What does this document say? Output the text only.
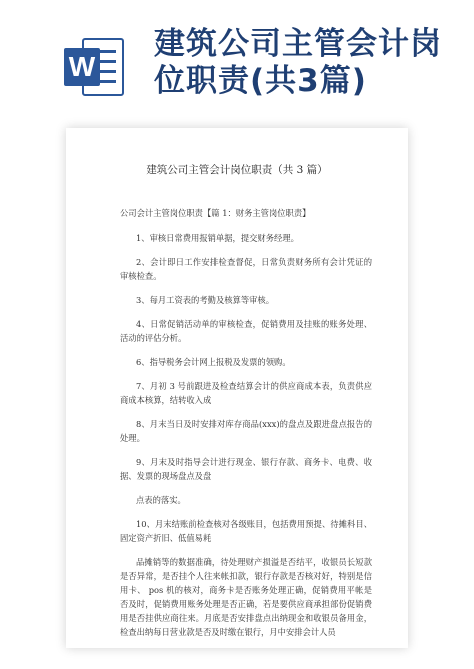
W
建筑公司主管会计岗位职责(共3篇)
建筑公司主管会计岗位职责（共 3 篇）

公司会计主管岗位职责【篇 1：财务主管岗位职责】

1、审核日常费用报销单据，提交财务经理。

2、会计即日工作安排检查督促，日常负责财务所有会计凭证的审核检查。

3、每月工资表的考勤及核算等审核。

4、日常促销活动单的审核检查，促销费用及挂账的账务处理、活动的评估分析。

6、指导税务会计网上报税及发票的领购。

7、月初 3 号前跟进及检查结算会计的供应商成本表，负责供应商成本核算，结转收入成

8、月末当日及时安排对库存商品(xxx)的盘点及跟进盘点报告的处理。

9、月末及时指导会计进行现金、银行存款、商务卡、电费、收据、发票的现场盘点及盘

点表的落实。

10、月末结账前检查核对各级账目，包括费用预提、待摊科目、固定资产折旧、低值易耗

品摊销等的数据准确，待处理财产损溢是否结平，收银员长短款是否异常，是否挂个人往来帐扣款，银行存款是否核对好，特别是信用卡、 pos 机的核对，商务卡是否账务处理正确，促销费用平帐是否及时，促销费用账务处理是否正确，若是要供应商承担部份促销费用是否挂供应商往来。月底是否安排盘点出纳现金和收银员备用金，检查出纳每日营业款是否及时缴在银行，月中安排会计人员
